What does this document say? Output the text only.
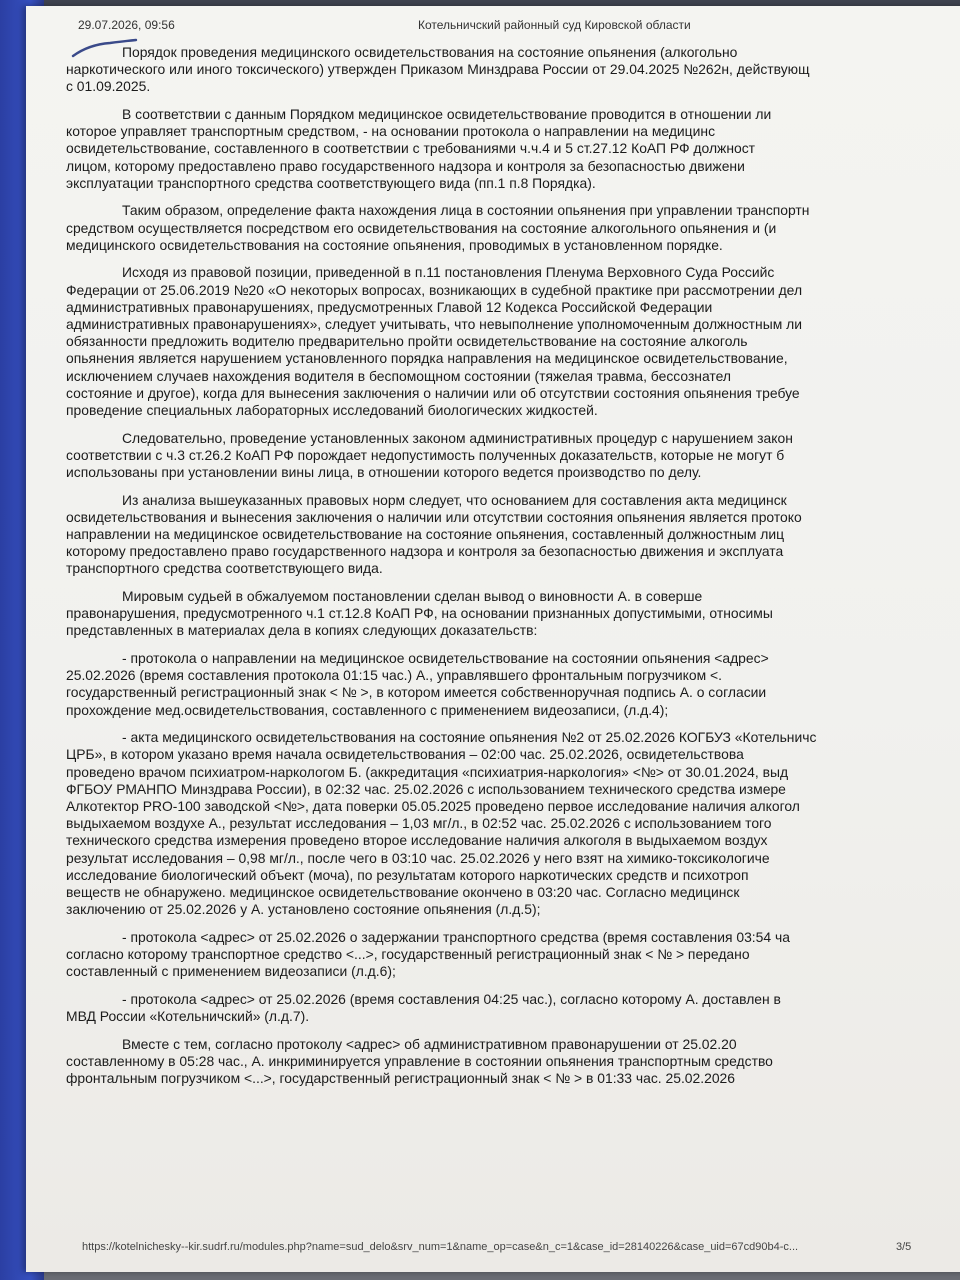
29.07.2026, 09:56	Котельничский районный суд Кировской области

Порядок проведения медицинского освидетельствования на состояние опьянения (алкогольно
наркотического или иного токсического) утвержден Приказом Минздрава России от 29.04.2025 №262н, действующ
с 01.09.2025.

В соответствии с данным Порядком медицинское освидетельствование проводится в отношении ли
которое управляет транспортным средством, - на основании протокола о направлении на медицинс
освидетельствование, составленного в соответствии с требованиями ч.ч.4 и 5 ст.27.12 КоАП РФ должност
лицом, которому предоставлено право государственного надзора и контроля за безопасностью движени
эксплуатации транспортного средства соответствующего вида (пп.1 п.8 Порядка).

Таким образом, определение факта нахождения лица в состоянии опьянения при управлении транспортн
средством осуществляется посредством его освидетельствования на состояние алкогольного опьянения и (и
медицинского освидетельствования на состояние опьянения, проводимых в установленном порядке.

Исходя из правовой позиции, приведенной в п.11 постановления Пленума Верховного Суда Российс
Федерации от 25.06.2019 №20 «О некоторых вопросах, возникающих в судебной практике при рассмотрении дел
административных правонарушениях, предусмотренных Главой 12 Кодекса Российской Федерации
административных правонарушениях», следует учитывать, что невыполнение уполномоченным должностным ли
обязанности предложить водителю предварительно пройти освидетельствование на состояние алкоголь
опьянения является нарушением установленного порядка направления на медицинское освидетельствование,
исключением случаев нахождения водителя в беспомощном состоянии (тяжелая травма, бессознател
состояние и другое), когда для вынесения заключения о наличии или об отсутствии состояния опьянения требуе
проведение специальных лабораторных исследований биологических жидкостей.

Следовательно, проведение установленных законом административных процедур с нарушением закон
соответствии с ч.3 ст.26.2 КоАП РФ порождает недопустимость полученных доказательств, которые не могут б
использованы при установлении вины лица, в отношении которого ведется производство по делу.

Из анализа вышеуказанных правовых норм следует, что основанием для составления акта медицинск
освидетельствования и вынесения заключения о наличии или отсутствии состояния опьянения является протоко
направлении на медицинское освидетельствование на состояние опьянения, составленный должностным лиц
которому предоставлено право государственного надзора и контроля за безопасностью движения и эксплуата
транспортного средства соответствующего вида.

Мировым судьей в обжалуемом постановлении сделан вывод о виновности А. в соверше
правонарушения, предусмотренного ч.1 ст.12.8 КоАП РФ, на основании признанных допустимыми, относимы
представленных в материалах дела в копиях следующих доказательств:

- протокола о направлении на медицинское освидетельствование на состоянии опьянения <адрес>
25.02.2026 (время составления протокола 01:15 час.) А., управлявшего фронтальным погрузчиком <.
государственный регистрационный знак < № >, в котором имеется собственноручная подпись А. о согласии
прохождение мед.освидетельствования, составленного с применением видеозаписи, (л.д.4);

- акта медицинского освидетельствования на состояние опьянения №2 от 25.02.2026 КОГБУЗ «Котельничс
ЦРБ», в котором указано время начала освидетельствования – 02:00 час. 25.02.2026, освидетельствова
проведено врачом психиатром-наркологом Б. (аккредитация «психиатрия-наркология» <№> от 30.01.2024, выд
ФГБОУ РМАНПО Минздрава России), в 02:32 час. 25.02.2026 с использованием технического средства измере
Алкотектор PRO-100 заводской <№>, дата поверки 05.05.2025 проведено первое исследование наличия алкогол
выдыхаемом воздухе А., результат исследования – 1,03 мг/л., в 02:52 час. 25.02.2026 с использованием того
технического средства измерения проведено второе исследование наличия алкоголя в выдыхаемом воздух
результат исследования – 0,98 мг/л., после чего в 03:10 час. 25.02.2026 у него взят на химико-токсикологиче
исследование биологический объект (моча), по результатам которого наркотических средств и психотроп
веществ не обнаружено. медицинское освидетельствование окончено в 03:20 час. Согласно медицинск
заключению от 25.02.2026 у А. установлено состояние опьянения (л.д.5);

- протокола <адрес> от 25.02.2026 о задержании транспортного средства (время составления 03:54 ча
согласно которому транспортное средство <...>, государственный регистрационный знак < № > передано
составленный с применением видеозаписи (л.д.6);

- протокола <адрес> от 25.02.2026 (время составления 04:25 час.), согласно которому А. доставлен в
МВД России «Котельничский» (л.д.7).

Вместе с тем, согласно протоколу <адрес> об административном правонарушении от 25.02.20
составленному в 05:28 час., А. инкриминируется управление в состоянии опьянения транспортным средство
фронтальным погрузчиком <...>, государственный регистрационный знак < № > в 01:33 час. 25.02.2026

https://kotelnichesky--kir.sudrf.ru/modules.php?name=sud_delo&srv_num=1&name_op=case&n_c=1&case_id=28140226&case_uid=67cd90b4-c...	3/5
